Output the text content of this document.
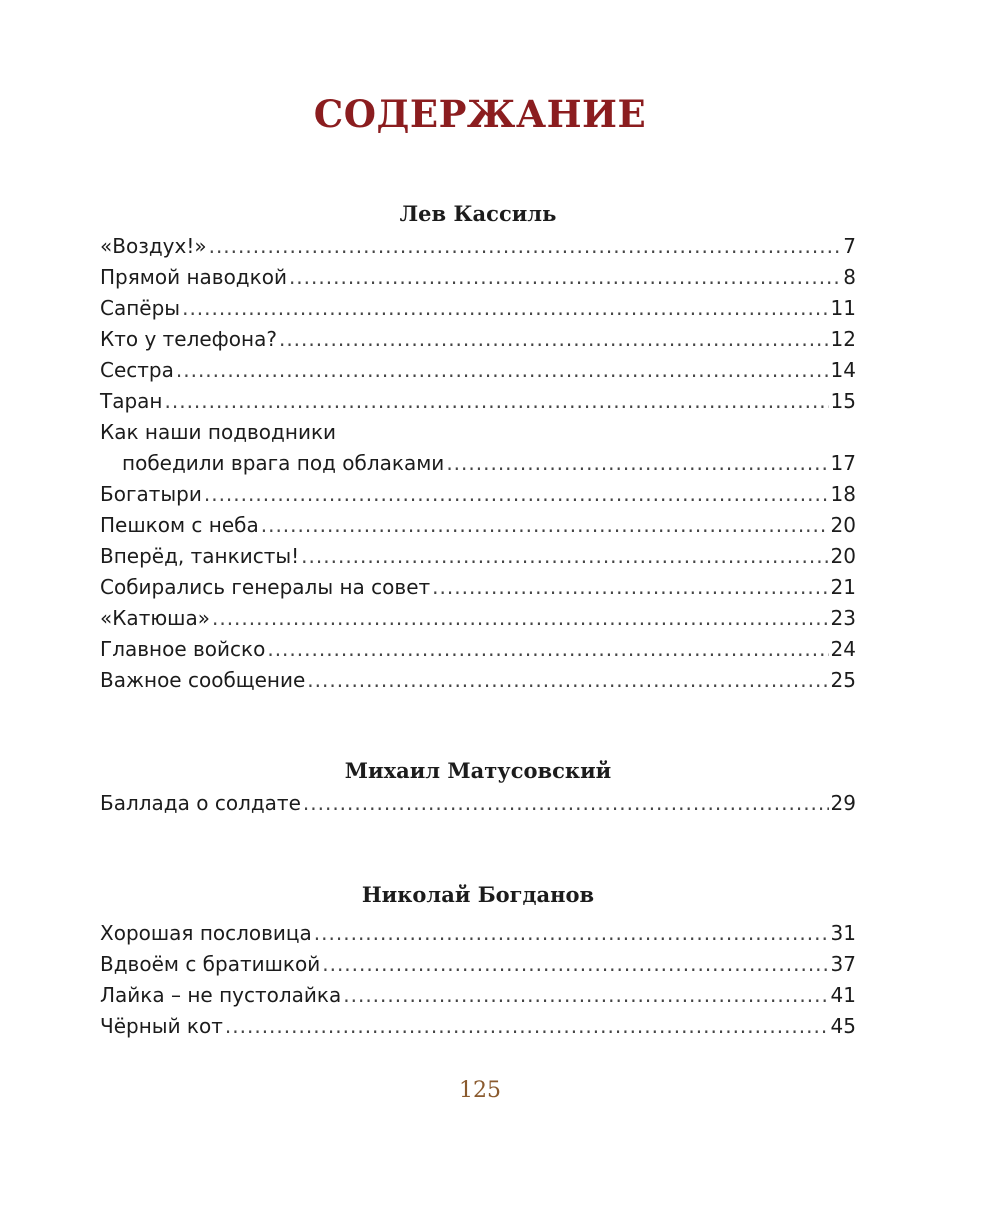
СОДЕРЖАНИЕ
Лев Кассиль
«Воздух!» .....	7
Прямой наводкой .....	8
Сапёры .....	11
Кто у телефона? .....	12
Сестра .....	14
Таран .....	15
Как наши подводники
победили врага под облаками .....	17
Богатыри .....	18
Пешком с неба .....	20
Вперёд, танкисты! .....	20
Собирались генералы на совет .....	21
«Катюша» .....	23
Главное войско .....	24
Важное сообщение .....	25
Михаил Матусовский
Баллада о солдате .....	29
Николай Богданов
Хорошая пословица .....	31
Вдвоём с братишкой .....	37
Лайка – не пустолайка .....	41
Чёрный кот .....	45
125
